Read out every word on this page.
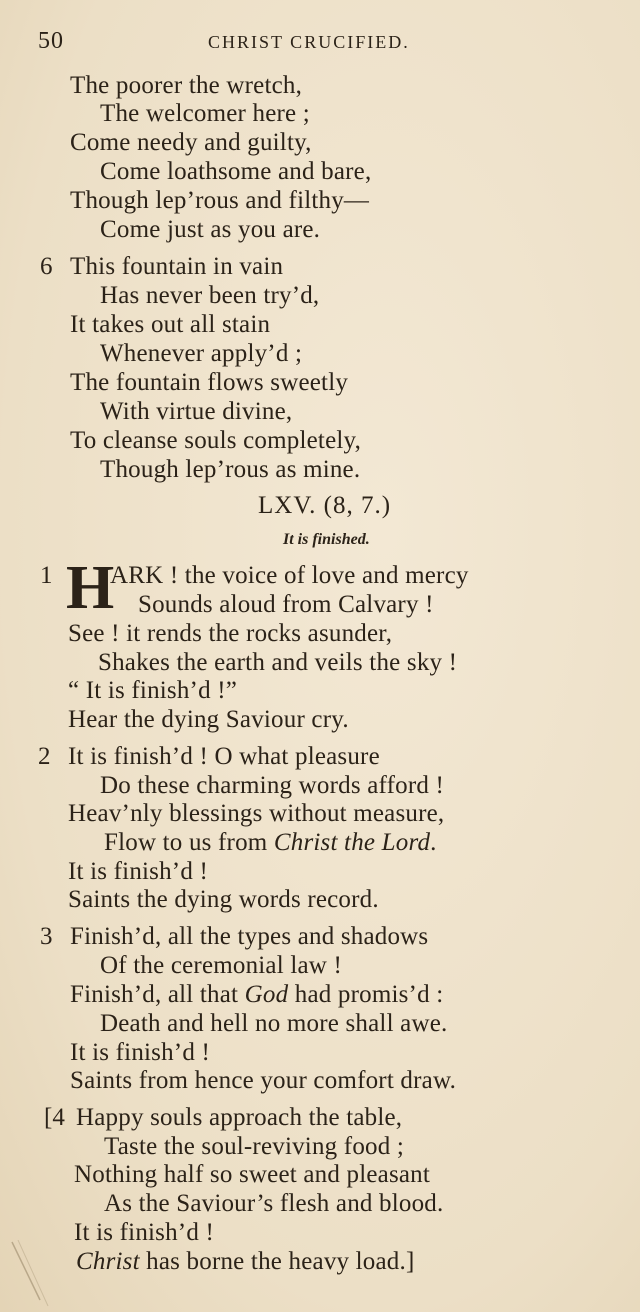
50	CHRIST CRUCIFIED.
The poorer the wretch,
The welcomer here ;
Come needy and guilty,
Come loathsome and bare,
Though lep’rous and filthy—
Come just as you are.
6 This fountain in vain
Has never been try’d,
It takes out all stain
Whenever apply’d ;
The fountain flows sweetly
With virtue divine,
To cleanse souls completely,
Though lep’rous as mine.
LXV. (8, 7.)
It is finished.
1 H
ARK ! the voice of love and mercy
Sounds aloud from Calvary !
See ! it rends the rocks asunder,
Shakes the earth and veils the sky !
“ It is finish’d !”
Hear the dying Saviour cry.
2 It is finish’d ! O what pleasure
Do these charming words afford !
Heav’nly blessings without measure,
Flow to us from Christ the Lord.
It is finish’d !
Saints the dying words record.
3 Finish’d, all the types and shadows
Of the ceremonial law !
Finish’d, all that God had promis’d :
Death and hell no more shall awe.
It is finish’d !
Saints from hence your comfort draw.
[4 Happy souls approach the table,
Taste the soul-reviving food ;
Nothing half so sweet and pleasant
As the Saviour’s flesh and blood.
It is finish’d !
Christ has borne the heavy load.]
